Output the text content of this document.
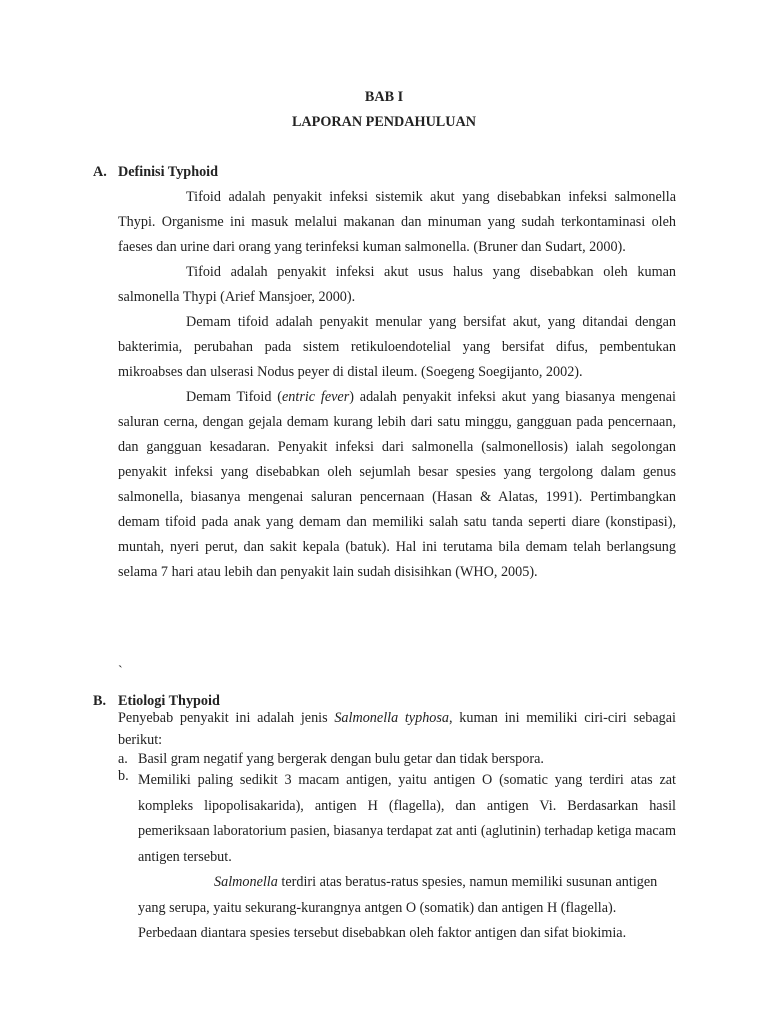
BAB I
LAPORAN PENDAHULUAN
A. Definisi Typhoid

Tifoid adalah penyakit infeksi sistemik akut yang disebabkan infeksi salmonella Thypi. Organisme ini masuk melalui makanan dan minuman yang sudah terkontaminasi oleh faeses dan urine dari orang yang terinfeksi kuman salmonella. (Bruner dan Sudart, 2000).

Tifoid adalah penyakit infeksi akut usus halus yang disebabkan oleh kuman salmonella Thypi (Arief Mansjoer, 2000).

Demam tifoid adalah penyakit menular yang bersifat akut, yang ditandai dengan bakterimia, perubahan pada sistem retikuloendotelial yang bersifat difus, pembentukan mikroabses dan ulserasi Nodus peyer di distal ileum. (Soegeng Soegijanto, 2002).

Demam Tifoid (entric fever) adalah penyakit infeksi akut yang biasanya mengenai saluran cerna, dengan gejala demam kurang lebih dari satu minggu, gangguan pada pencernaan, dan gangguan kesadaran. Penyakit infeksi dari salmonella (salmonellosis) ialah segolongan penyakit infeksi yang disebabkan oleh sejumlah besar spesies yang tergolong dalam genus salmonella, biasanya mengenai saluran pencernaan (Hasan & Alatas, 1991). Pertimbangkan demam tifoid pada anak yang demam dan memiliki salah satu tanda seperti diare (konstipasi), muntah, nyeri perut, dan sakit kepala (batuk). Hal ini terutama bila demam telah berlangsung selama 7 hari atau lebih dan penyakit lain sudah disisihkan (WHO, 2005).

`
B. Etiologi Thypoid
Penyebab penyakit ini adalah jenis Salmonella typhosa, kuman ini memiliki ciri-ciri sebagai berikut:
a. Basil gram negatif yang bergerak dengan bulu getar dan tidak berspora.
b. Memiliki paling sedikit 3 macam antigen, yaitu antigen O (somatic yang terdiri atas zat kompleks lipopolisakarida), antigen H (flagella), dan antigen Vi. Berdasarkan hasil pemeriksaan laboratorium pasien, biasanya terdapat zat anti (aglutinin) terhadap ketiga macam antigen tersebut.

Salmonella terdiri atas beratus-ratus spesies, namun memiliki susunan antigen yang serupa, yaitu sekurang-kurangnya antgen O (somatik) dan antigen H (flagella). Perbedaan diantara spesies tersebut disebabkan oleh faktor antigen dan sifat biokimia.
